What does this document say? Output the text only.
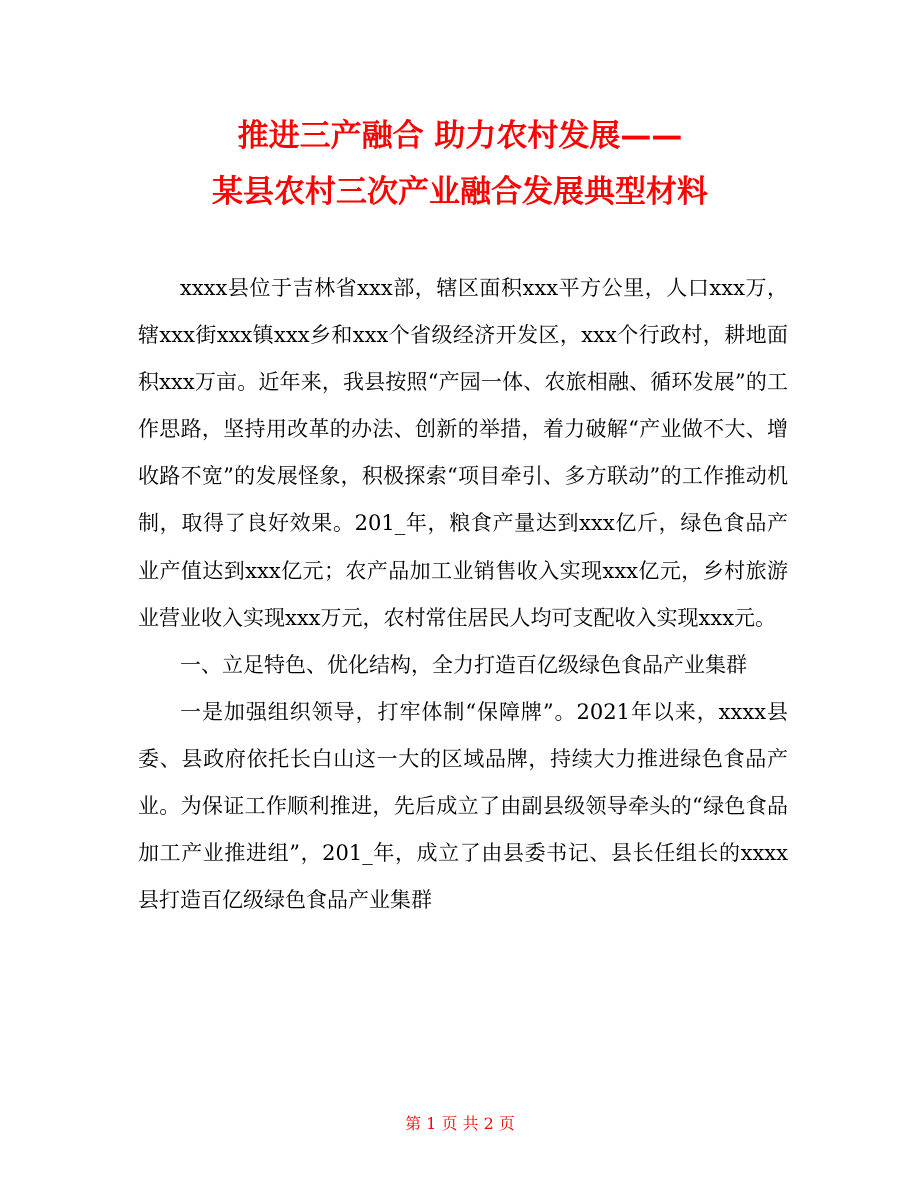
推进三产融合 助力农村发展——
某县农村三次产业融合发展典型材料

xxxx县位于吉林省xxx部，辖区面积xxx平方公里，人口xxx万，辖xxx街xxx镇xxx乡和xxx个省级经济开发区，xxx个行政村，耕地面积xxx万亩。近年来，我县按照“产园一体、农旅相融、循环发展”的工作思路，坚持用改革的办法、创新的举措，着力破解“产业做不大、增收路不宽”的发展怪象，积极探索“项目牵引、多方联动”的工作推动机制，取得了良好效果。201_年，粮食产量达到xxx亿斤，绿色食品产业产值达到xxx亿元；农产品加工业销售收入实现xxx亿元，乡村旅游业营业收入实现xxx万元，农村常住居民人均可支配收入实现xxx元。

一、立足特色、优化结构，全力打造百亿级绿色食品产业集群

一是加强组织领导，打牢体制“保障牌”。2021年以来，xxxx县委、县政府依托长白山这一大的区域品牌，持续大力推进绿色食品产业。为保证工作顺利推进，先后成立了由副县级领导牵头的“绿色食品加工产业推进组”，201_年，成立了由县委书记、县长任组长的xxxx县打造百亿级绿色食品产业集群

第 1 页 共 2 页
